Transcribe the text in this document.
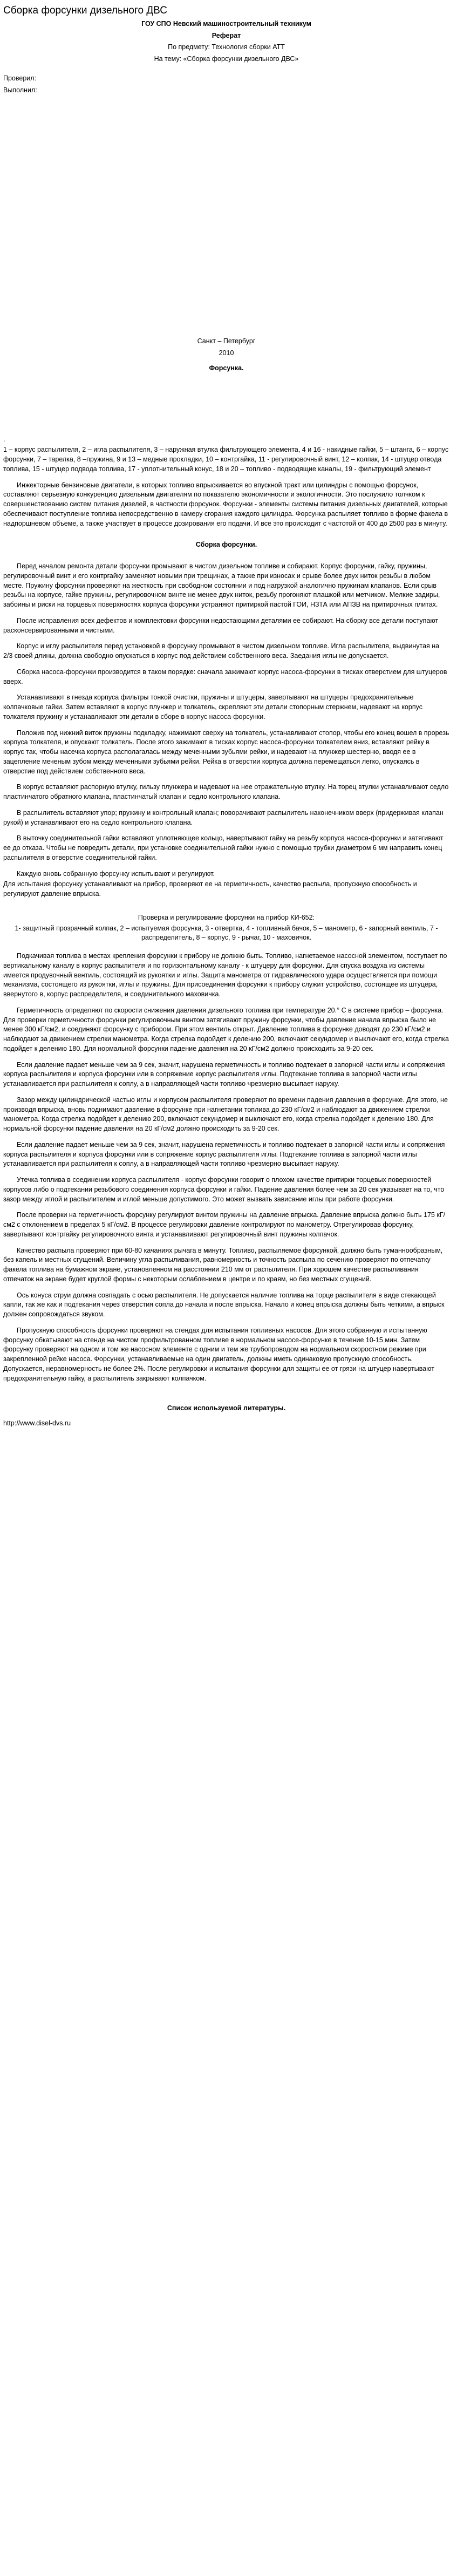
Сборка форсунки дизельного ДВС

ГОУ СПО Невский машиностроительный техникум

Реферат

По предмету: Технология сборки АТТ

На тему: «Сборка форсунки дизельного ДВС»

Проверил:

Выполнил:

Санкт – Петербург

2010

Форсунка.

.

1 – корпус распылителя, 2 – игла распылителя, 3 – наружная втулка фильтрующего элемента, 4 и 16 - накидные гайки, 5 – штанга, 6 – корпус форсунки, 7 – тарелка, 8 –пружина, 9 и 13 – медные прокладки, 10 – контргайка, 11 - регулировочный винт, 12 – колпак, 14 - штуцер отвода топлива, 15 - штуцер подвода топлива, 17 - уплотнительный конус, 18 и 20 – топливо - подводящие каналы, 19 - фильтрующий элемент

Инжекторные бензиновые двигатели, в которых топливо впрыскивается во впускной тракт или цилиндры с помощью форсунок, составляют серьезную конкуренцию дизельным двигателям по показателю экономичности и экологичности. Это послужило толчком к совершенствованию систем питания дизелей, в частности форсунок. Форсунки - элементы системы питания дизельных двигателей, которые обеспечивают поступление топлива непосредственно в камеру сгорания каждого цилиндра. Форсунка распыляет топливо в форме факела в надпоршневом объеме, а также участвует в процессе дозирования его подачи. И все это происходит с частотой от 400 до 2500 раз в минуту.

Сборка форсунки.

Перед началом ремонта детали форсунки промывают в чистом дизельном топливе и собирают. Корпус форсунки, гайку, пружины, регулировочный винт и его контргайку заменяют новыми при трещинах, а также при износах и срыве более двух ниток резьбы в любом месте. Пружину форсунки проверяют на жесткость при свободном состоянии и под нагрузкой аналогично пружинам клапанов. Если срыв резьбы на корпусе, гайке пружины, регулировочном винте не менее двух ниток, резьбу прогоняют плашкой или метчиком. Мелкие задиры, забоины и риски на торцевых поверхностях корпуса форсунки устраняют притиркой пастой ГОИ, НЗТА или АПЗВ на притирочных плитах.

После исправления всех дефектов и комплектовки форсунки недостающими деталями ее собирают. На сборку все детали поступают расконсервированными и чистыми.

Корпус и иглу распылителя перед установкой в форсунку промывают в чистом дизельном топливе. Игла распылителя, выдвинутая на 2/3 своей длины, должна свободно опускаться в корпус под действием собственного веса. Заедания иглы не допускается.

Сборка насоса-форсунки производится в таком порядке: сначала зажимают корпус насоса-форсунки в тисках отверстием для штуцеров вверх.

Устанавливают в гнезда корпуса фильтры тонкой очистки, пружины и штуцеры, завертывают на штуцеры предохранительные колпачковые гайки. Затем вставляют в корпус плунжер и толкатель, скрепляют эти детали стопорным стержнем, надевают на корпус толкателя пружину и устанавливают эти детали в сборе в корпус насоса-форсунки.

Положив под нижний виток пружины подкладку, нажимают сверху на толкатель, устанавливают стопор, чтобы его конец вошел в прорезь корпуса толкателя, и опускают толкатель. После этого зажимают в тисках корпус насоса-форсунки толкателем вниз, вставляют рейку в корпус так, чтобы насечка корпуса располагалась между меченными зубьями рейки, и надевают на плунжер шестерню, вводя ее в зацепление меченым зубом между меченными зубьями рейки. Рейка в отверстии корпуса должна перемещаться легко, опускаясь в отверстие под действием собственного веса.

В корпус вставляют распорную втулку, гильзу плунжера и надевают на нее отражательную втулку. На торец втулки устанавливают седло пластинчатого обратного клапана, пластинчатый клапан и седло контрольного клапана.

В распылитель вставляют упор; пружину и контрольный клапан; поворачивают распылитель наконечником вверх (придерживая клапан рукой) и устанавливают его на седло контрольного клапана.

В выточку соединительной гайки вставляют уплотняющее кольцо, навертывают гайку на резьбу корпуса насоса-форсунки и затягивают ее до отказа. Чтобы не повредить детали, при установке соединительной гайки нужно с помощью трубки диаметром 6 мм направить конец распылителя в отверстие соединительной гайки.

Каждую вновь собранную форсунку испытывают и регулируют.

Для испытания форсунку устанавливают на прибор, проверяют ее на герметичность, качество распыла, пропускную способность и регулируют давление впрыска.

Проверка и регулирование форсунки на прибор КИ-652:

1- защитный прозрачный колпак, 2 – испытуемая форсунка, 3 - отвертка, 4 - топливный бачок, 5 – манометр, 6 - запорный вентиль, 7 - распределитель, 8 – корпус, 9 - рычаг, 10 - маховичок.

Подкачивая топлива в местах крепления форсунки к прибору не должно быть. Топливо, нагнетаемое насосной элементом, поступает по вертикальному каналу в корпус распылителя и по горизонтальному каналу - к штуцеру для форсунки. Для спуска воздуха из системы имеется продувочный вентиль, состоящий из рукоятки и иглы. Защита манометра от гидравлического удара осуществляется при помощи механизма, состоящего из рукоятки, иглы и пружины. Для присоединения форсунки к прибору служит устройство, состоящее из штуцера, ввернутого в, корпус распределителя, и соединительного маховичка.

Герметичность определяют по скорости снижения давления дизельного топлива при температуре 20.° С в системе прибор – форсунка. Для проверки герметичности форсунки регулировочным винтом затягивают пружину форсунки, чтобы давление начала впрыска было не менее 300 кГ/см2, и соединяют форсунку с прибором. При этом вентиль открыт. Давление топлива в форсунке доводят до 230 кГ/см2 и наблюдают за движением стрелки манометра. Когда стрелка подойдет к делению 200, включают секундомер и выключают его, когда стрелка подойдет к делению 180. Для нормальной форсунки падение давления на 20 кГ/см2 должно происходить за 9-20 сек.

Если давление падает меньше чем за 9 сек, значит, нарушена герметичность и топливо подтекает в запорной части иглы и сопряжения корпуса распылителя и корпуса форсунки или в сопряжение корпус распылителя иглы. Подтекание топлива в запорной части иглы устанавливается при распылителя к соплу, а в направляющей части топливо чрезмерно высыпает наружу.

Зазор между цилиндрической частью иглы и корпусом распылителя проверяют по времени падения давления в форсунке. Для этого, не производя впрыска, вновь поднимают давление в форсунке при нагнетании топлива до 230 кГ/см2 и наблюдают за движением стрелки манометра. Когда стрелка подойдет к делению 200, включают секундомер и выключают его, когда стрелка подойдет к делению 180. Для нормальной форсунки падение давления на 20 кГ/см2 должно происходить за 9-20 сек.

Если давление падает меньше чем за 9 сек, значит, нарушена герметичность и топливо подтекает в запорной части иглы и сопряжения корпуса распылителя и корпуса форсунки или в сопряжение корпус распылителя иглы. Подтекание топлива в запорной части иглы устанавливается при распылителя к соплу, а в направляющей части топливо чрезмерно высыпает наружу.

Утечка топлива в соединении корпуса распылителя - корпус форсунки говорит о плохом качестве притирки торцевых поверхностей корпусов либо о подтекании резьбового соединения корпуса форсунки и гайки. Падение давления более чем за 20 сек указывает на то, что зазор между иглой и распылителем и иглой меньше допустимого. Это может вызвать зависание иглы при работе форсунки.

После проверки на герметичность форсунку регулируют винтом пружины на давление впрыска. Давление впрыска должно быть 175 кГ/см2 с отклонением в пределах 5 кГ/см2. В процессе регулировки давление контролируют по манометру. Отрегулировав форсунку, завертывают контргайку регулировочного винта и устанавливают регулировочный винт пружины колпачок.

Качество распыла проверяют при 60-80 качаниях рычага в минуту. Топливо, распыляемое форсункой, должно быть туманнообразным, без капель и местных сгущений. Величину угла распыливания, равномерность и точность распыла по сечению проверяют по отпечатку факела топлива на бумажном экране, установленном на расстоянии 210 мм от распылителя. При хорошем качестве распыливания отпечаток на экране будет круглой формы с некоторым ослаблением в центре и по краям, но без местных сгущений.

Ось конуса струи должна совпадать с осью распылителя. Не допускается наличие топлива на торце распылителя в виде стекающей капли, так же как и подтекания через отверстия сопла до начала и после впрыска. Начало и конец впрыска должны быть четкими, а впрыск должен сопровождаться звуком.

Пропускную способность форсунки проверяют на стендах для испытания топливных насосов. Для этого собранную и испытанную форсунку обкатывают на стенде на чистом профильтрованном топливе в нормальном насосе-форсунке в течение 10-15 мин. Затем форсунку проверяют на одном и том же насосном элементе с одним и тем же трубопроводом на нормальном скоростном режиме при закрепленной рейке насоса. Форсунки, устанавливаемые на один двигатель, должны иметь одинаковую пропускную способность. Допускается, неравномерность не более 2%. После регулировки и испытания форсунки для защиты ее от грязи на штуцер навертывают предохранительную гайку, а распылитель закрывают колпачком.

Список используемой литературы.

http://www.disel-dvs.ru
